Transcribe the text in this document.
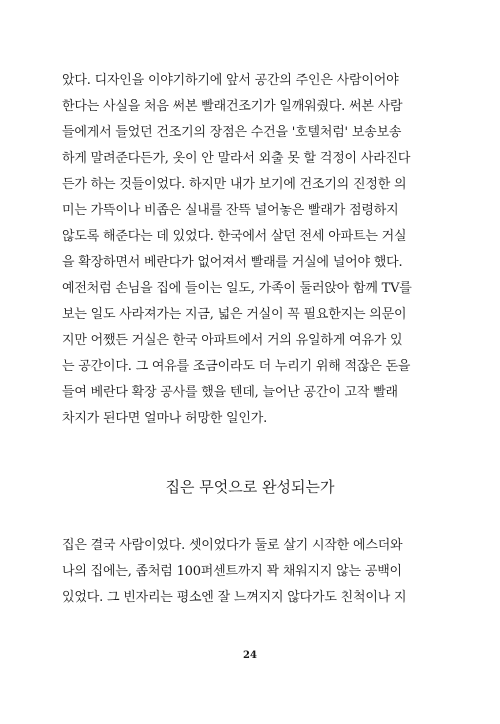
았다. 디자인을 이야기하기에 앞서 공간의 주인은 사람이어야
한다는 사실을 처음 써본 빨래건조기가 일깨워줬다. 써본 사람
들에게서 들었던 건조기의 장점은 수건을 '호텔처럼' 보송보송
하게 말려준다든가, 옷이 안 말라서 외출 못 할 걱정이 사라진다
든가 하는 것들이었다. 하지만 내가 보기에 건조기의 진정한 의
미는 가뜩이나 비좁은 실내를 잔뜩 널어놓은 빨래가 점령하지
않도록 해준다는 데 있었다. 한국에서 살던 전세 아파트는 거실
을 확장하면서 베란다가 없어져서 빨래를 거실에 널어야 했다.
예전처럼 손님을 집에 들이는 일도, 가족이 둘러앉아 함께 TV를
보는 일도 사라져가는 지금, 넓은 거실이 꼭 필요한지는 의문이
지만 어쨌든 거실은 한국 아파트에서 거의 유일하게 여유가 있
는 공간이다. 그 여유를 조금이라도 더 누리기 위해 적잖은 돈을
들여 베란다 확장 공사를 했을 텐데, 늘어난 공간이 고작 빨래
차지가 된다면 얼마나 허망한 일인가.
집은 무엇으로 완성되는가
집은 결국 사람이었다. 셋이었다가 둘로 살기 시작한 에스더와
나의 집에는, 좁처럼 100퍼센트까지 꽉 채워지지 않는 공백이
있었다. 그 빈자리는 평소엔 잘 느껴지지 않다가도 친척이나 지
24
